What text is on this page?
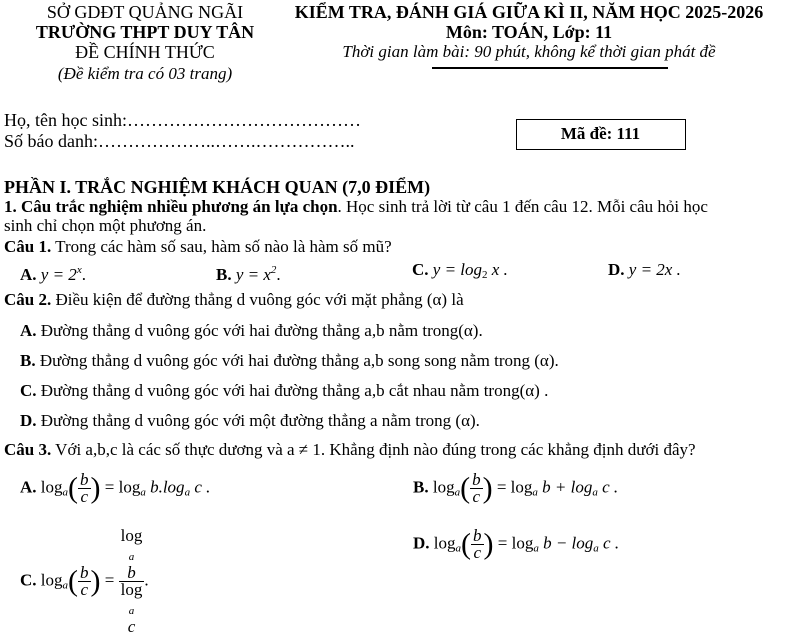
SỞ GDĐT QUẢNG NGÃI
TRƯỜNG THPT DUY TÂN
ĐỀ CHÍNH THỨC
(Đề kiểm tra có 03 trang)
KIỂM TRA, ĐÁNH GIÁ GIỮA KÌ II, NĂM HỌC 2025-2026
Môn: TOÁN, Lớp: 11
Thời gian làm bài: 90 phút, không kể thời gian phát đề
Họ, tên học sinh:…………………………………
Số báo danh:………………..…….……………..	Mã đề: 111
PHẦN I. TRẮC NGHIỆM KHÁCH QUAN (7,0 ĐIỂM)
1. Câu trắc nghiệm nhiều phương án lựa chọn. Học sinh trả lời từ câu 1 đến câu 12. Mỗi câu hỏi học
sinh chỉ chọn một phương án.
Câu 1. Trong các hàm số sau, hàm số nào là hàm số mũ?
A. $y = 2^x$.	B. $y = x^2$.	C. $y = \log_2 x$ .	D. y = 2x .
Câu 2. Điều kiện để đường thẳng d vuông góc với mặt phẳng (α) là
A. Đường thẳng d vuông góc với hai đường thẳng a,b nằm trong(α).
B. Đường thẳng d vuông góc với hai đường thẳng a,b song song nằm trong (α).
C. Đường thẳng d vuông góc với hai đường thẳng a,b cắt nhau nằm trong(α) .
D. Đường thẳng d vuông góc với một đường thẳng a nằm trong (α).
Câu 3. Với a,b,c là các số thực dương và a ≠ 1. Khẳng định nào đúng trong các khẳng định dưới đây?
A. $\log_a( \frac{b}{c}$ ) = $\log_a b.\log_a$ c .	B. $\log_a( \frac{b}{c}$ ) = $\log_a b + \log_a c$ .
C. $\log_a( \frac{b}{c}$ ) = log
$_a$
b
log
$_a$
c .
D. $\log_a( \frac{b}{c}$ ) = $\log_a b - \log_a c$ .
